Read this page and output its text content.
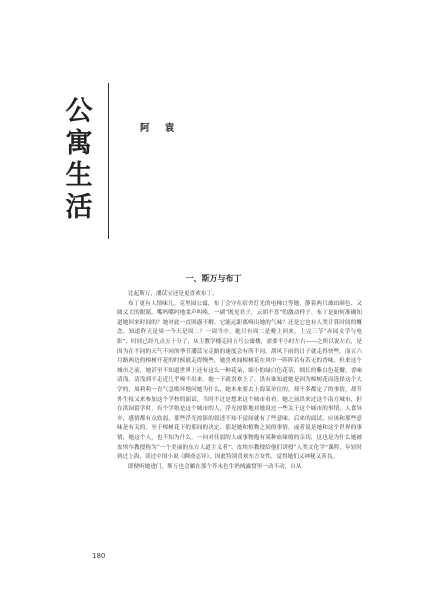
公寓生活
阿 袁
一、斯万与布丁

比起斯万，潘苡宝还是更喜欢布丁。

布丁更有人情味儿。克里园公寓，布丁会守在宿舍灯光的电梯口等她，静着两只玻珀颜色、又圆又大的眼睛，嘴吗嘴吗地柔声叫唤，一副“既见君子，云胡不喜”的激动样子。布丁是如何准确知道她回来时间的？她对此一直困惑不解。它能远距离嗅出她的气味？还是它也有人类计算时间的概念，知道昨天是周一今天是周二？一周当中，她只有周二是晚上回来，上完三节“赤园文学与电影”，时间已经九点五十分了，从主教学楼走回五号公寓楼，需要半小时左右——之所以说左右，是因为在不同的天气不同的季节潘苡宝走路的速度会有所不同，刮风下雨的日子就走得快些，而五六月路两边的樟树开花的时候就走得慢些，她喜欢闻樟树花在风中一阵阵若有若无的香味。但来这个城市之前，她甚至不知道世界上还有这么一种花朵，细小的绿白色花蒂，细长的紫白色花瓣，香味清浅，清浅到不走近几乎嗅不出来。她一下就喜欢上了。洪有谁知道她是因为樟树花而选择这个大学的，周莉莉一直气急败坏地问她为什么，她本来要去上海某单位的，却不多都定了的事情，却节外生枝又来参加这个学校的面试。当时不过是想来这个城市看看。她之前洪来过这个南方城市，但在洪园留学时，有个学姐是这个城市的人，浮光掠影地对她说过一些关于这个城市的事情，人食异乡，感情都有点软弱，那些浮光掠影的叙述不知不觉间就有了些意味。后来的面试，应该和那些意味是有关的。至于樟树花下的那间的决定，那是她和植物之间的事情，或者说是她和这个世界的事情，她这个人，也不知为什么，一向对佳弱的人或事物抱有某种血缘般的亲切，这也是为什么她被皮埃尔教授称为“一个美丽的东方人道主义者”。皮埃尔教授给他们讲授“人类文化学”课程，年轻时到过上海，读过中国小说《聊斋志异》，因此特别喜欢东方女性，觉得她们又神秘又善良。

即便听她进门，斯万也会躺在那个芥末色牛奶绒露窝里一动不动，自从

180
